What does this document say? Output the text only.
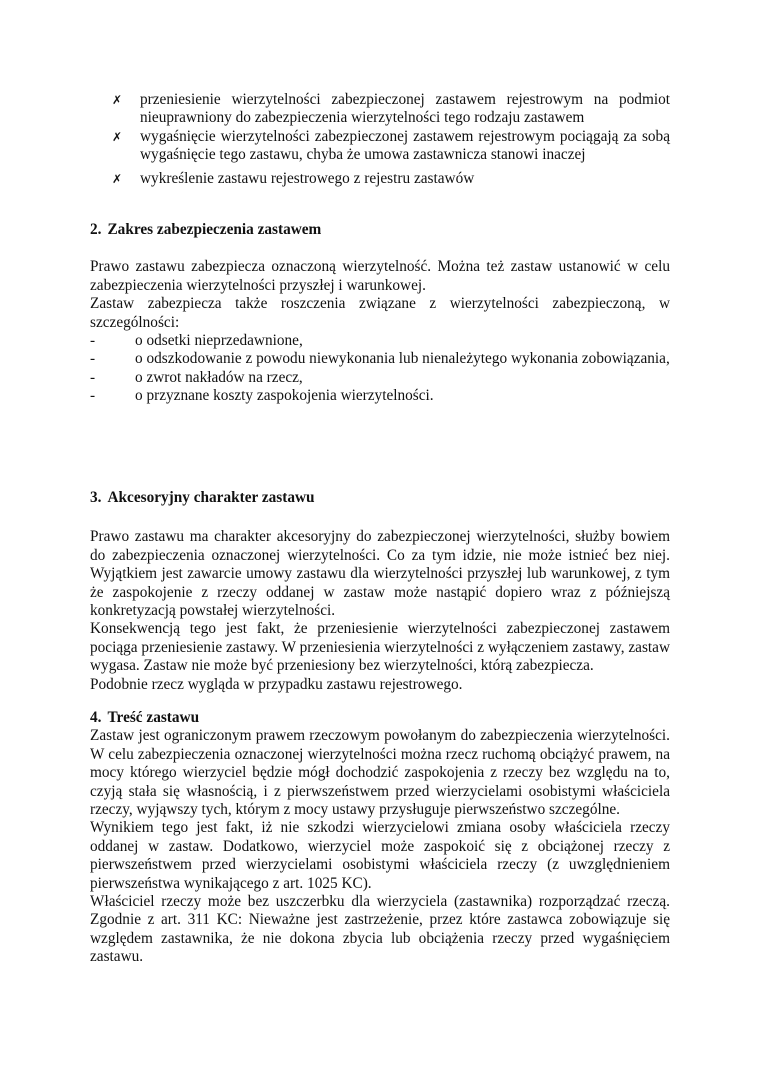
✗ przeniesienie wierzytelności zabezpieczonej zastawem rejestrowym na podmiot nieuprawniony do zabezpieczenia wierzytelności tego rodzaju zastawem
✗ wygaśnięcie wierzytelności zabezpieczonej zastawem rejestrowym pociągają za sobą wygaśnięcie tego zastawu, chyba że umowa zastawnicza stanowi inaczej
✗ wykreślenie zastawu rejestrowego z rejestru zastawów
2. Zakres zabezpieczenia zastawem

Prawo zastawu zabezpiecza oznaczoną wierzytelność. Można też zastaw ustanowić w celu zabezpieczenia wierzytelności przyszłej i warunkowej.

Zastaw zabezpiecza także roszczenia związane z wierzytelności zabezpieczoną, w szczególności:

-	o odsetki nieprzedawnione,
-	o odszkodowanie z powodu niewykonania lub nienależytego wykonania zobowiązania,
-	o zwrot nakładów na rzecz,
-	o przyznane koszty zaspokojenia wierzytelności.
3. Akcesoryjny charakter zastawu

Prawo zastawu ma charakter akcesoryjny do zabezpieczonej wierzytelności, służby bowiem do zabezpieczenia oznaczonej wierzytelności. Co za tym idzie, nie może istnieć bez niej. Wyjątkiem jest zawarcie umowy zastawu dla wierzytelności przyszłej lub warunkowej, z tym że zaspokojenie z rzeczy oddanej w zastaw może nastąpić dopiero wraz z późniejszą konkretyzacją powstałej wierzytelności.

Konsekwencją tego jest fakt, że przeniesienie wierzytelności zabezpieczonej zastawem pociąga przeniesienie zastawy. W przeniesienia wierzytelności z wyłączeniem zastawy, zastaw wygasa. Zastaw nie może być przeniesiony bez wierzytelności, którą zabezpiecza.

Podobnie rzecz wygląda w przypadku zastawu rejestrowego.

4. Treść zastawu

Zastaw jest ograniczonym prawem rzeczowym powołanym do zabezpieczenia wierzytelności. W celu zabezpieczenia oznaczonej wierzytelności można rzecz ruchomą obciążyć prawem, na mocy którego wierzyciel będzie mógł dochodzić zaspokojenia z rzeczy bez względu na to, czyją stała się własnością, i z pierwszeństwem przed wierzycielami osobistymi właściciela rzeczy, wyjąwszy tych, którym z mocy ustawy przysługuje pierwszeństwo szczególne.

Wynikiem tego jest fakt, iż nie szkodzi wierzycielowi zmiana osoby właściciela rzeczy oddanej w zastaw. Dodatkowo, wierzyciel może zaspokoić się z obciążonej rzeczy z pierwszeństwem przed wierzycielami osobistymi właściciela rzeczy (z uwzględnieniem pierwszeństwa wynikającego z art. 1025 KC).

Właściciel rzeczy może bez uszczerbku dla wierzyciela (zastawnika) rozporządzać rzeczą. Zgodnie z art. 311 KC: Nieważne jest zastrzeżenie, przez które zastawca zobowiązuje się względem zastawnika, że nie dokona zbycia lub obciążenia rzeczy przed wygaśnięciem zastawu.
